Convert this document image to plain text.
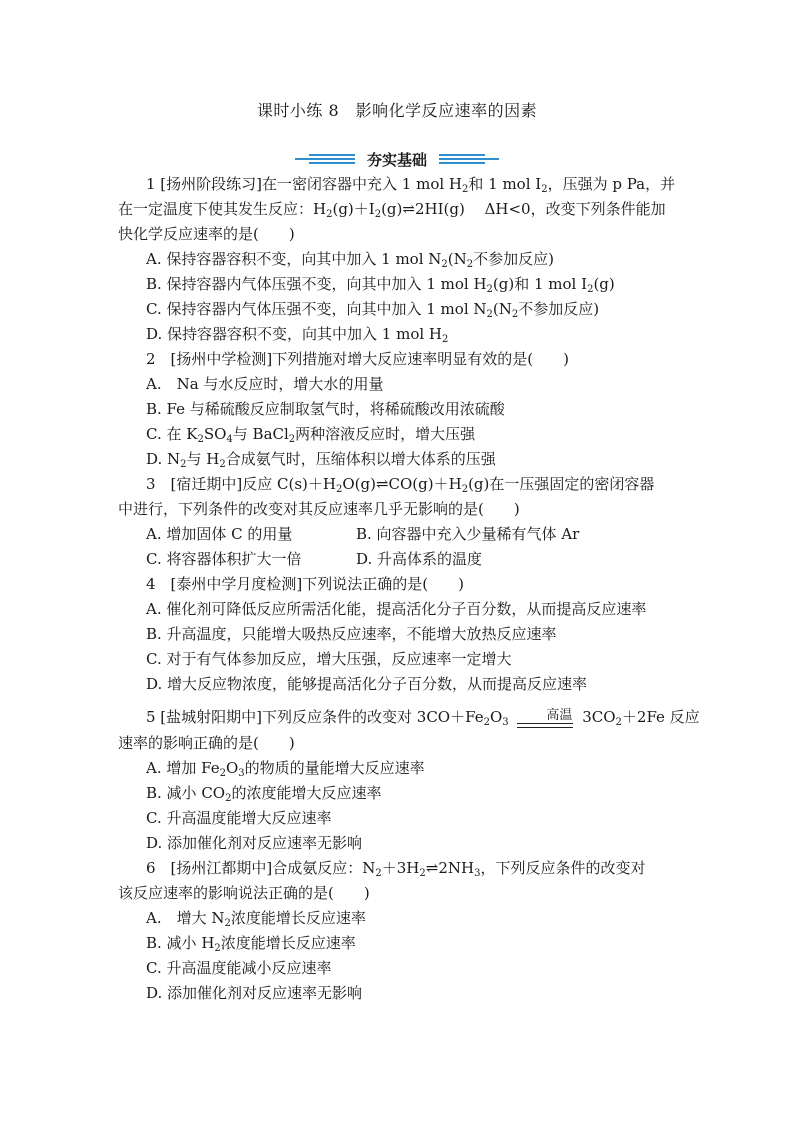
课时小练 8　影响化学反应速率的因素
夯实基础
1 [扬州阶段练习]在一密闭容器中充入 1 mol $H_2$和 1 mol $I_2$，压强为 p Pa，并
在一定温度下使其发生反应：$H_2(g)+I_2(g)\rightleftharpoons 2HI(g)$　 ΔH<0，改变下列条件能加
快化学反应速率的是(　　)
A. 保持容器容积不变，向其中加入 1 mol $N_2(N_2$不参加反应)
B. 保持容器内气体压强不变，向其中加入 1 mol $H_2(g)$和 1 mol $I_2(g)$
C. 保持容器内气体压强不变，向其中加入 1 mol $N_2(N_2$不参加反应)
D. 保持容器容积不变，向其中加入 1 mol $H_2$
2　[扬州中学检测]下列措施对增大反应速率明显有效的是(　　)
A.　Na 与水反应时，增大水的用量
B. Fe 与稀硫酸反应制取氢气时，将稀硫酸改用浓硫酸
C. 在 $K_2SO_4$与 BaCl$_2$两种溶液反应时，增大压强
D. $N_2$与 $H_2$合成氨气时，压缩体积以增大体系的压强
3　[宿迁期中]反应 $C(s)+H_2O(g)\rightleftharpoons CO(g)+H_2(g)$在一压强固定的密闭容器
中进行，下列条件的改变对其反应速率几乎无影响的是(　　)
A. 增加固体 C 的用量	B. 向容器中充入少量稀有气体 Ar
C. 将容器体积扩大一倍	D. 升高体系的温度
4　[泰州中学月度检测]下列说法正确的是(　　)
A. 催化剂可降低反应所需活化能，提高活化分子百分数，从而提高反应速率
B. 升高温度，只能增大吸热反应速率，不能增大放热反应速率
C. 对于有气体参加反应，增大压强，反应速率一定增大
D. 增大反应物浓度，能够提高活化分子百分数，从而提高反应速率
5 [盐城射阳期中]下列反应条件的改变对 $3CO+Fe_2O_3$	高温 $3CO_2+2Fe$ 反应
速率的影响正确的是(　　)
A. 增加 $Fe_2O_3$的物质的量能增大反应速率
B. 减小 $CO_2$的浓度能增大反应速率
C. 升高温度能增大反应速率
D. 添加催化剂对反应速率无影响
6　[扬州江都期中]合成氨反应：$N_2+3H_2\rightleftharpoons 2NH_3$，下列反应条件的改变对
该反应速率的影响说法正确的是(　　)
A.　增大 $N_2$浓度能增长反应速率
B. 减小 $H_2$浓度能增长反应速率
C. 升高温度能减小反应速率
D. 添加催化剂对反应速率无影响
